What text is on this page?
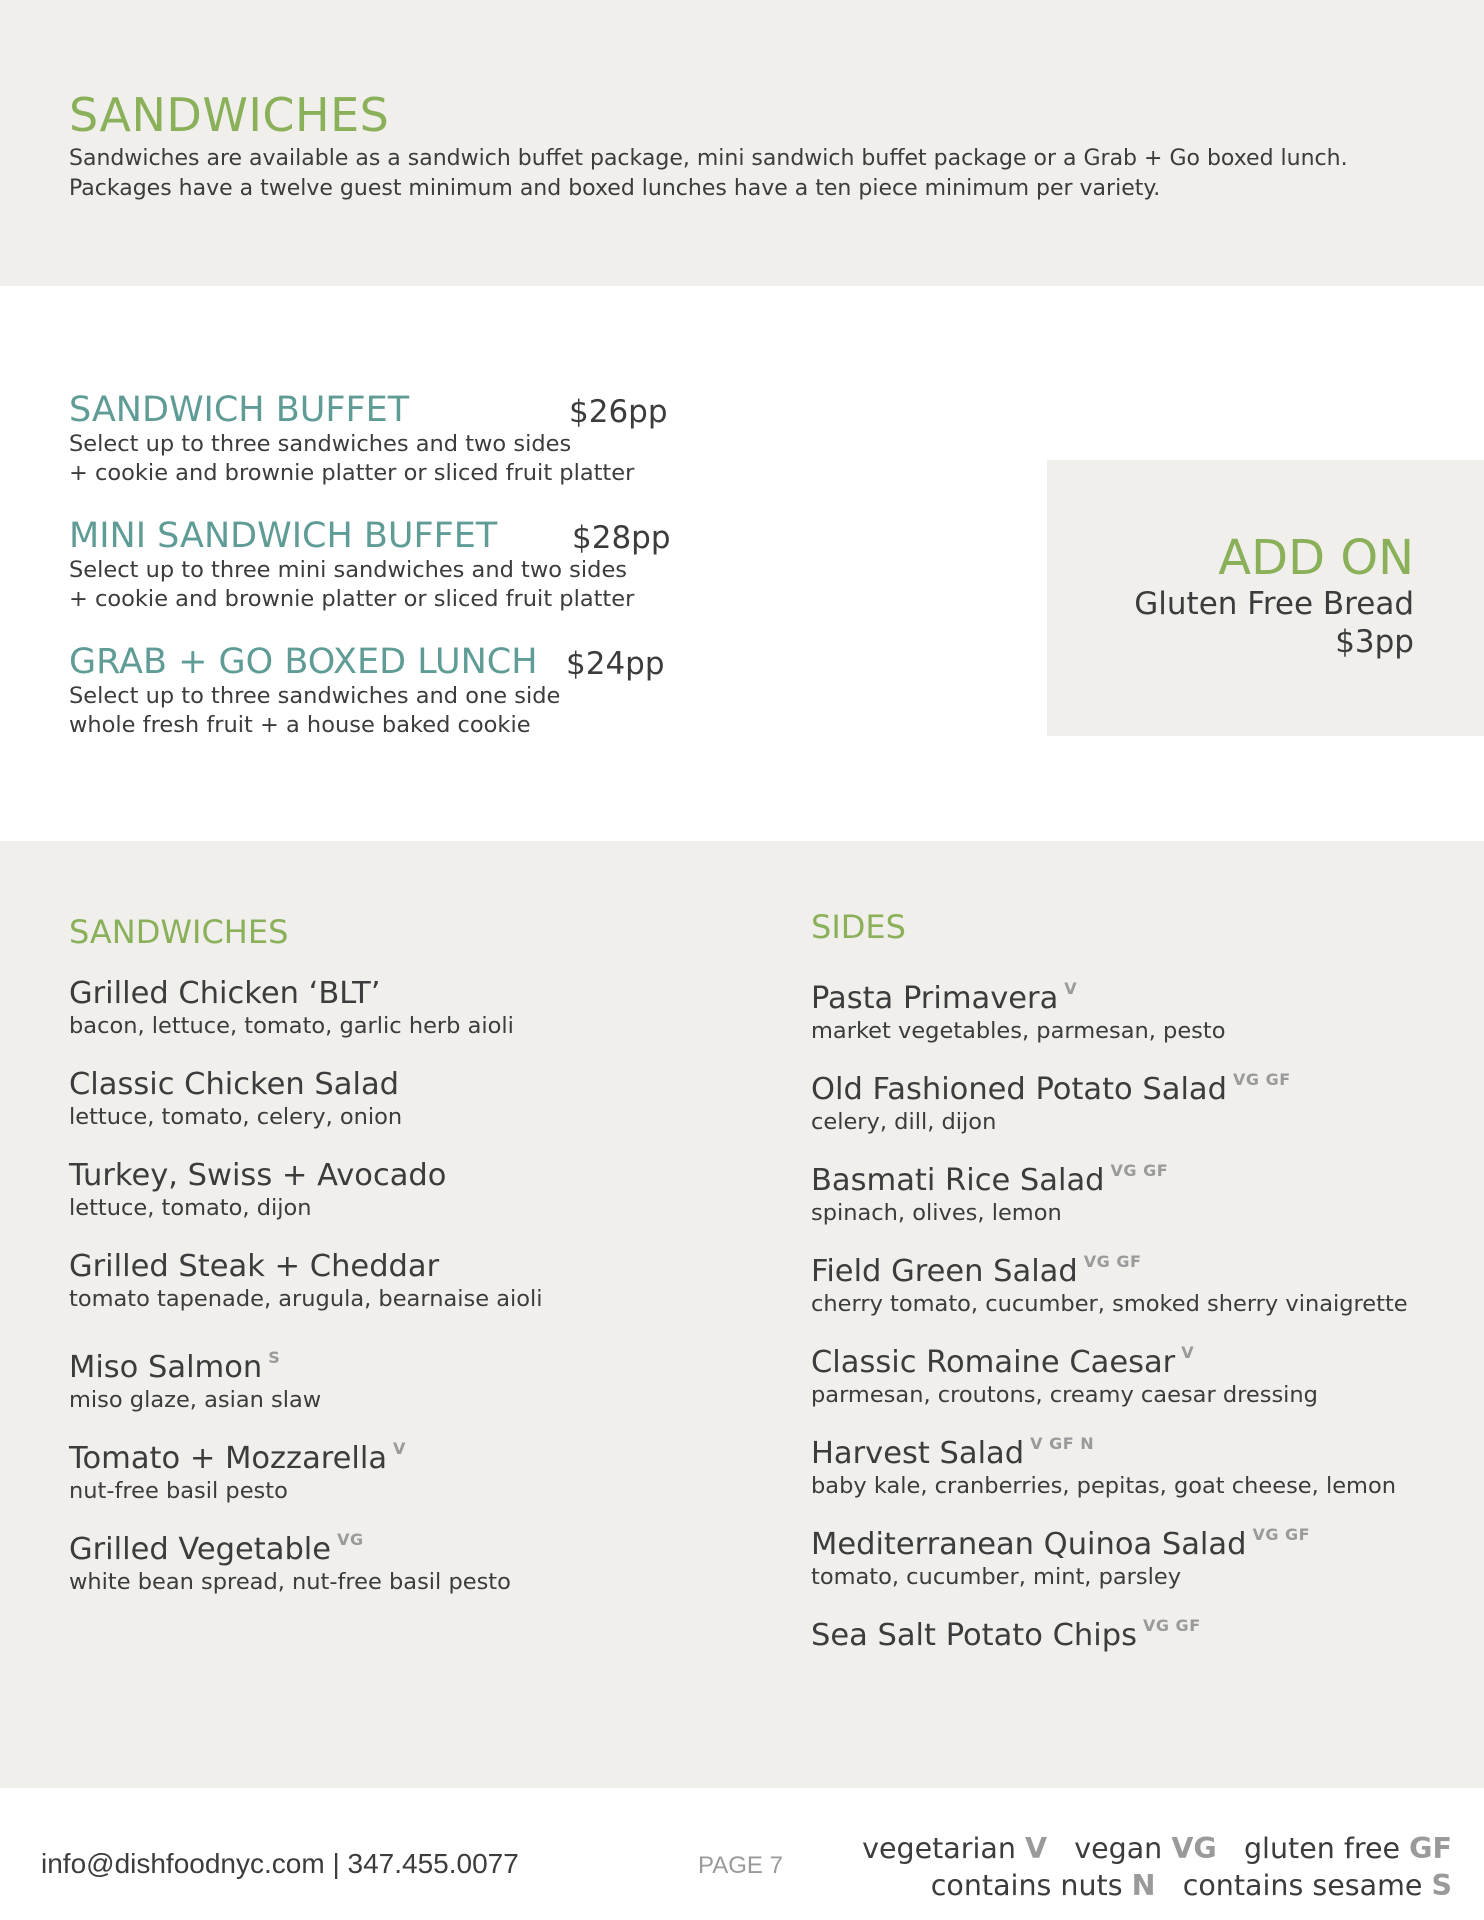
SANDWICHES
Sandwiches are available as a sandwich buffet package, mini sandwich buffet package or a Grab + Go boxed lunch.
Packages have a twelve guest minimum and boxed lunches have a ten piece minimum per variety.
SANDWICH BUFFET	$26pp
Select up to three sandwiches and two sides
+ cookie and brownie platter or sliced fruit platter
MINI SANDWICH BUFFET $28pp
Select up to three mini sandwiches and two sides
+ cookie and brownie platter or sliced fruit platter
GRAB + GO BOXED LUNCH $24pp
Select up to three sandwiches and one side
whole fresh fruit + a house baked cookie
ADD ON
Gluten Free Bread
$3pp
SANDWICHES
Grilled Chicken ‘BLT’
bacon, lettuce, tomato, garlic herb aioli
Classic Chicken Salad
lettuce, tomato, celery, onion
Turkey, Swiss + Avocado
lettuce, tomato, dijon
Grilled Steak + Cheddar
tomato tapenade, arugula, bearnaise aioli
Miso Salmon $^S$
miso glaze, asian slaw
Tomato + Mozzarella $^V$
nut-free basil pesto
Grilled Vegetable $^{VG}$
white bean spread, nut-free basil pesto
SIDES
Pasta Primavera $^V$
market vegetables, parmesan, pesto
Old Fashioned Potato Salad $^{VG GF}$
celery, dill, dijon
Basmati Rice Salad $^{VG GF}$
spinach, olives, lemon
Field Green Salad $^{VG GF}$
cherry tomato, cucumber, smoked sherry vinaigrette
Classic Romaine Caesar $^V$
parmesan, croutons, creamy caesar dressing
Harvest Salad $^{V GF N}$
baby kale, cranberries, pepitas, goat cheese, lemon
Mediterranean Quinoa Salad $^{VG GF}$
tomato, cucumber, mint, parsley
Sea Salt Potato Chips $^{VG GF}$
info@dishfoodnyc.com | 347.455.0077	PAGE 7
vegetarian V vegan VG gluten free GF
contains nuts N contains sesame S
